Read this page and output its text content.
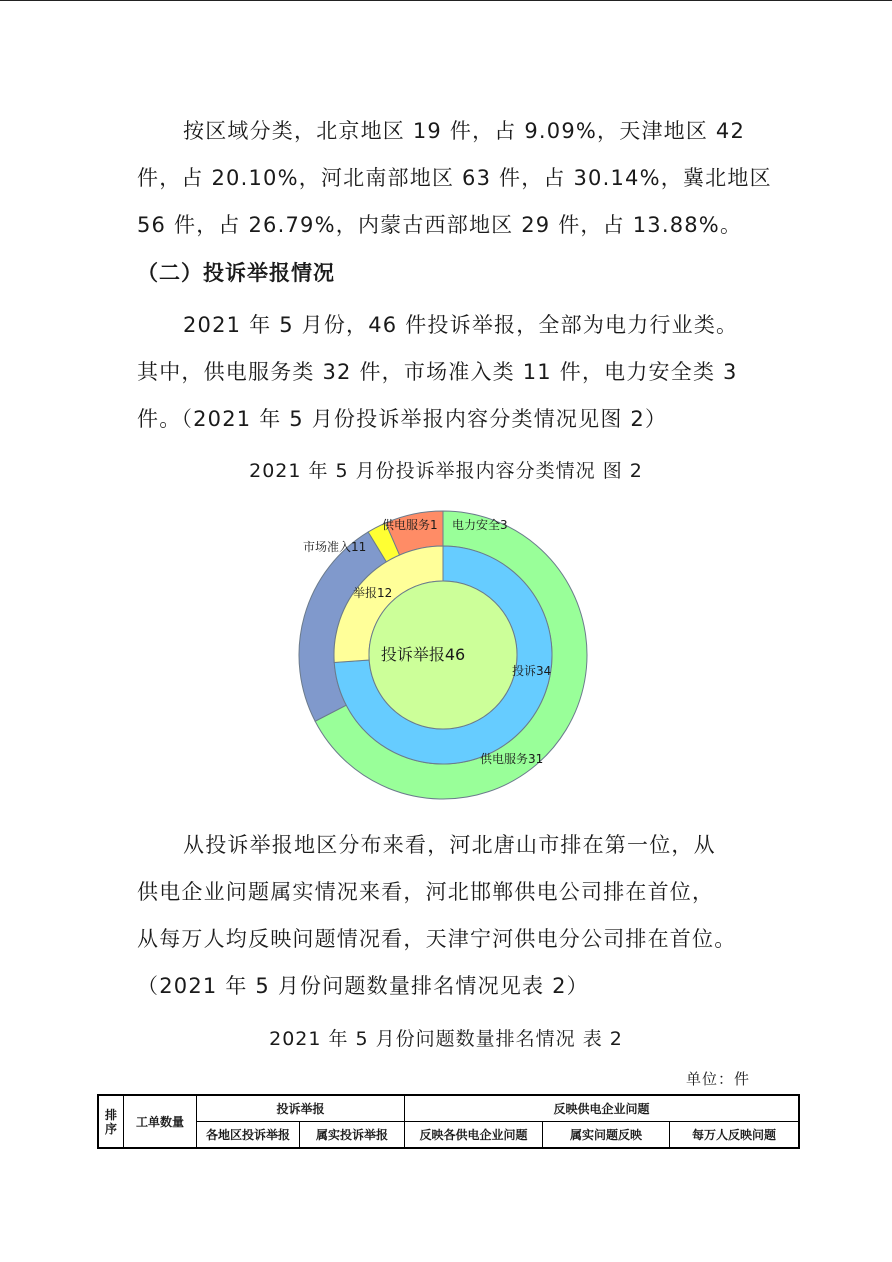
按区域分类，北京地区 19 件，占 9.09%，天津地区 42
件，占 20.10%，河北南部地区 63 件，占 30.14%，冀北地区
56 件，占 26.79%，内蒙古西部地区 29 件，占 13.88%。
（二）投诉举报情况
2021 年 5 月份，46 件投诉举报，全部为电力行业类。
其中，供电服务类 32 件，市场准入类 11 件，电力安全类 3
件。（2021 年 5 月份投诉举报内容分类情况见图 2）
2021 年 5 月份投诉举报内容分类情况 图 2
投诉举报46
投诉34
举报12
供电服务31
市场准入11
供电服务1 电力安全3
从投诉举报地区分布来看，河北唐山市排在第一位，从
供电企业问题属实情况来看，河北邯郸供电公司排在首位，
从每万人均反映问题情况看，天津宁河供电分公司排在首位。
（2021 年 5 月份问题数量排名情况见表 2）
2021 年 5 月份问题数量排名情况 表 2
单位：件
排序	工单数量	投诉举报		反映供电企业问题		
		各地区投诉举报	属实投诉举报	反映各供电企业问题	属实问题反映	每万人反映问题
